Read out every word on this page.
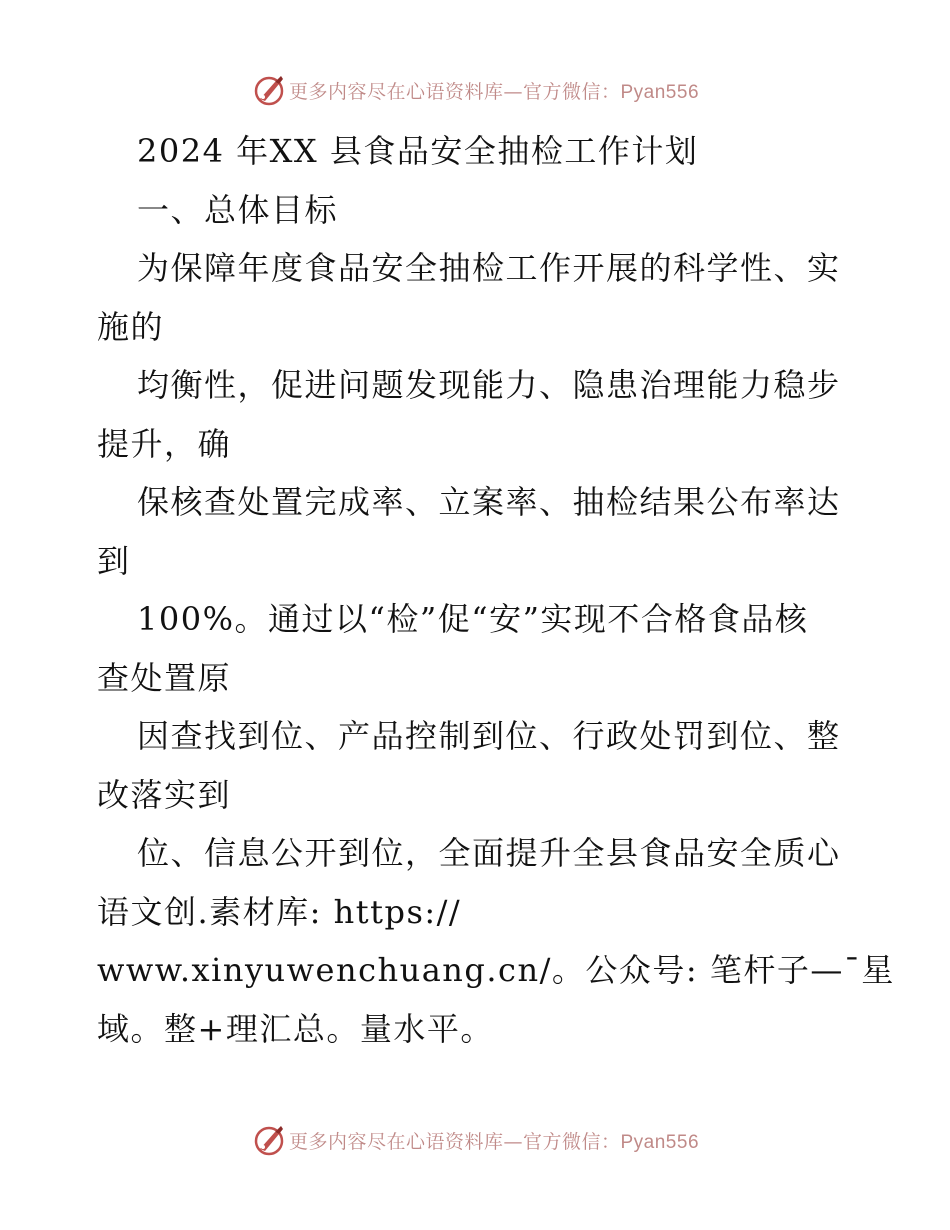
更多内容尽在心语资料库—官方微信：Pyan556
2024 年XX 县食品安全抽检工作计划
一、总体目标
为保障年度食品安全抽检工作开展的科学性、实
施的
均衡性，促进问题发现能力、隐患治理能力稳步
提升，确
保核查处置完成率、立案率、抽检结果公布率达
到
100%。通过以“检”促“安”实现不合格食品核
查处置原
因查找到位、产品控制到位、行政处罚到位、整
改落实到
位、信息公开到位，全面提升全县食品安全质心
语文创.素材库: https://
www.xinyuwenchuang.cn/。公众号: 笔杆子—¯星
域。整+理汇总。量水平。
更多内容尽在心语资料库—官方微信：Pyan556
